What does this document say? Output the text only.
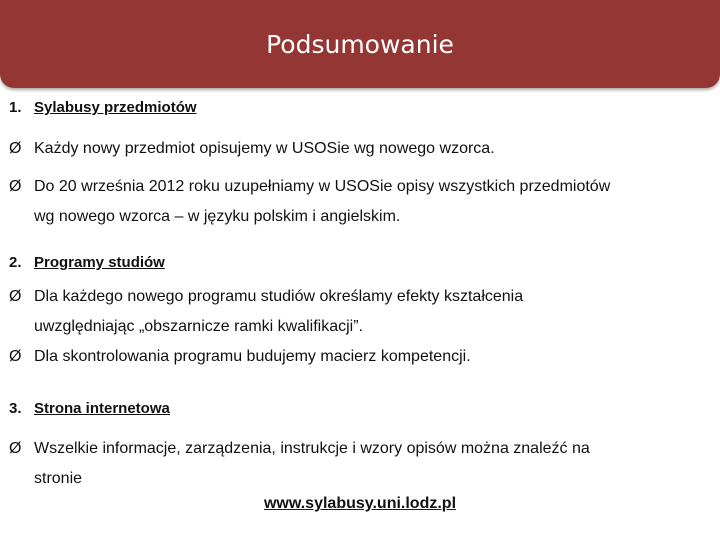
Podsumowanie
1. Sylabusy przedmiotów
Ø Każdy nowy przedmiot opisujemy w USOSie wg nowego wzorca.
Ø Do 20 września 2012 roku uzupełniamy w USOSie opisy wszystkich przedmiotów
wg nowego wzorca – w języku polskim i angielskim.
2. Programy studiów
Ø Dla każdego nowego programu studiów określamy efekty kształcenia
uwzględniając „obszarnicze ramki kwalifikacji”.
Ø Dla skontrolowania programu budujemy macierz kompetencji.
3. Strona internetowa
Ø Wszelkie informacje, zarządzenia, instrukcje i wzory opisów można znaleźć na
stronie
www.sylabusy.uni.lodz.pl
